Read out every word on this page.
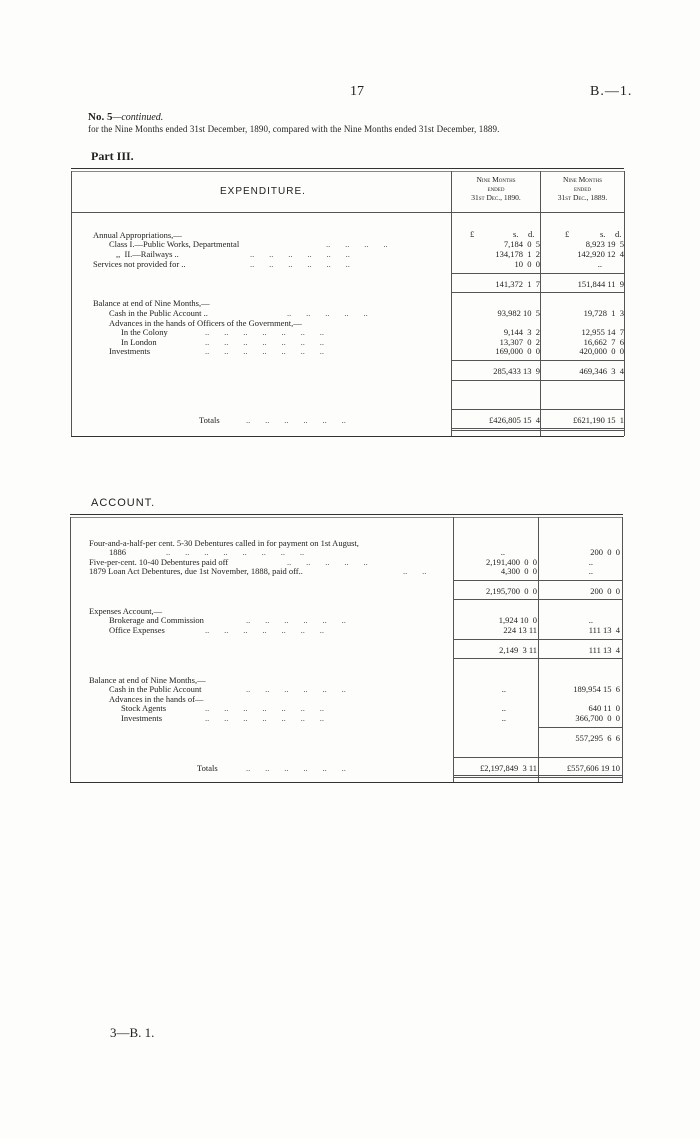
17	B.—1.
No. 5—continued.
for the Nine Months ended 31st December, 1890, compared with the Nine Months ended 31st December, 1889.
Part III.
EXPENDITURE.
Nine Months
ended
31st Dec., 1890.
Nine Months
ended
31st Dec., 1889.
£	s. d.	£	s. d.
Annual Appropriations,—
Class I.—Public Works, Departmental	..       ..       ..       ..	7,184  0  5	8,923 19  5
,,  II.—Railways ..	..       ..       ..       ..       ..       ..	134,178  1  2	142,920 12  4
Services not provided for ..	..       ..       ..       ..       ..       ..	10  0  0	..
141,372  1  7	151,844 11  9
Balance at end of Nine Months,—
Cash in the Public Account ..	..       ..       ..       ..       ..	93,982 10  5	19,728  1  3
Advances in the hands of Officers of the Government,—
In the Colony	..       ..       ..       ..       ..       ..       ..	9,144  3  2	12,955 14  7
In London	..       ..       ..       ..       ..       ..       ..	13,307  0  2	16,662  7  6
Investments	..       ..       ..       ..       ..       ..       ..	169,000  0  0	420,000  0  0
285,433 13  9	469,346  3  4
Totals	..       ..       ..       ..       ..       ..	£426,805 15  4	£621,190 15  1
ACCOUNT.
Four-and-a-half-per cent. 5-30 Debentures called in for payment on 1st August,
1886	..       ..       ..       ..       ..       ..       ..       ..	..	200  0  0
Five-per-cent. 10-40 Debentures paid off	..       ..       ..       ..       ..	2,191,400  0  0	..
1879 Loan Act Debentures, due 1st November, 1888, paid off..	..       ..	4,300  0  0	..
2,195,700  0  0	200  0  0
Expenses Account,—
Brokerage and Commission	..       ..       ..       ..       ..       ..	1,924 10  0	..
Office Expenses	..       ..       ..       ..       ..       ..       ..	224 13 11	111 13  4
2,149  3 11	111 13  4
Balance at end of Nine Months,—
Cash in the Public Account	..       ..       ..       ..       ..       ..	..	189,954 15  6
Advances in the hands of—
Stock Agents	..       ..       ..       ..       ..       ..       ..	..	640 11  0
Investments	..       ..       ..       ..       ..       ..       ..	..	366,700  0  0
557,295  6  6
Totals	..       ..       ..       ..       ..       ..	£2,197,849  3 11	£557,606 19 10
3—B. 1.
